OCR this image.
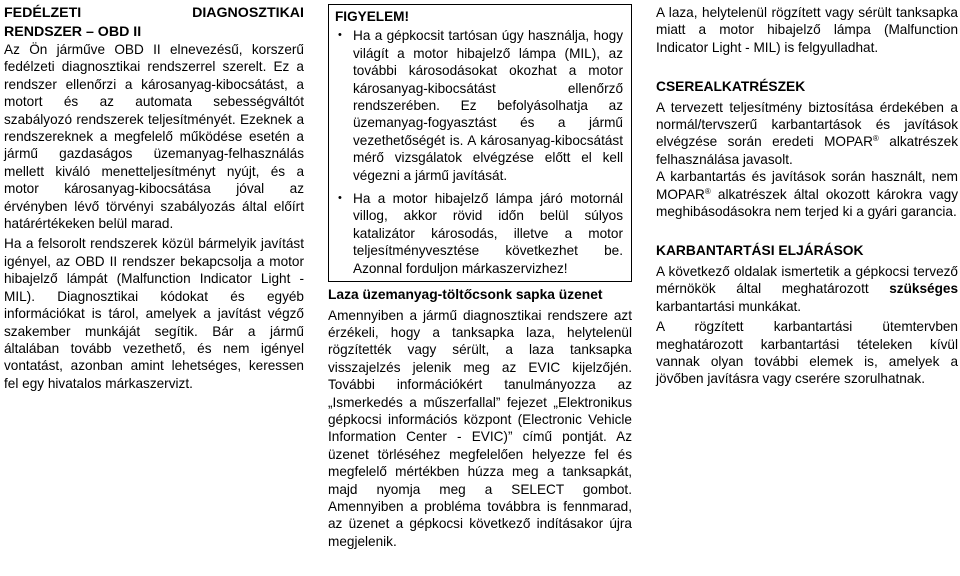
FEDÉLZETI	DIAGNOSZTIKAI
RENDSZER – OBD II

Az Ön járműve OBD II elnevezésű, korszerű fedélzeti diagnosztikai rendszerrel szerelt. Ez a rendszer ellenőrzi a károsanyag-kibocsátást, a motort és az automata sebességváltót szabályozó rendszerek teljesítményét. Ezeknek a rendszereknek a megfelelő működése esetén a jármű gazdaságos üzemanyag-felhasználás mellett kiváló menetteljesítményt nyújt, és a motor károsanyag-kibocsátása jóval az érvényben lévő törvényi szabályozás által előírt határértékeken belül marad.

Ha a felsorolt rendszerek közül bármelyik javítást igényel, az OBD II rendszer bekapcsolja a motor hibajelző lámpát (Malfunction Indicator Light - MIL). Diagnosztikai kódokat és egyéb információkat is tárol, amelyek a javítást végző szakember munkáját segítik. Bár a jármű általában tovább vezethető, és nem igényel vontatást, azonban amint lehetséges, keressen fel egy hivatalos márkaszervizt.

FIGYELEM!
• Ha a gépkocsit tartósan úgy használja, hogy világít a motor hibajelző lámpa (MIL), az további károsodásokat okozhat a motor károsanyag-kibocsátást ellenőrző rendszerében. Ez befolyásolhatja az üzemanyag-fogyasztást és a jármű vezethetőségét is. A károsanyag-kibocsátást mérő vizsgálatok elvégzése előtt el kell végezni a jármű javítását.
• Ha a motor hibajelző lámpa járó motornál villog, akkor rövid időn belül súlyos katalizátor károsodás, illetve a motor teljesítményvesztése következhet be. Azonnal forduljon márkaszervizhez!
Laza üzemanyag-töltőcsonk sapka üzenet

Amennyiben a jármű diagnosztikai rendszere azt érzékeli, hogy a tanksapka laza, helytelenül rögzítették vagy sérült, a laza tanksapka visszajelzés jelenik meg az EVIC kijelzőjén. További információkért tanulmányozza az „Ismerkedés a műszerfallal” fejezet „Elektronikus gépkocsi információs központ (Electronic Vehicle Information Center - EVIC)” című pontját. Az üzenet törléséhez megfelelően helyezze fel és megfelelő mértékben húzza meg a tanksapkát, majd nyomja meg a SELECT gombot. Amennyiben a probléma továbbra is fennmarad, az üzenet a gépkocsi következő indításakor újra megjelenik.

A laza, helytelenül rögzített vagy sérült tanksapka miatt a motor hibajelző lámpa (Malfunction Indicator Light - MIL) is felgyulladhat.

CSEREALKATRÉSZEK

A tervezett teljesítmény biztosítása érdekében a normál/tervszerű karbantartások és javítások elvégzése során eredeti MOPAR® alkatrészek felhasználása javasolt.

A karbantartás és javítások során használt, nem MOPAR® alkatrészek által okozott károkra vagy meghibásodásokra nem terjed ki a gyári garancia.

KARBANTARTÁSI ELJÁRÁSOK

A következő oldalak ismertetik a gépkocsi tervező mérnökök által meghatározott szükséges karbantartási munkákat.

A rögzített karbantartási ütemtervben meghatározott karbantartási tételeken kívül vannak olyan további elemek is, amelyek a jövőben javításra vagy cserére szorulhatnak.
